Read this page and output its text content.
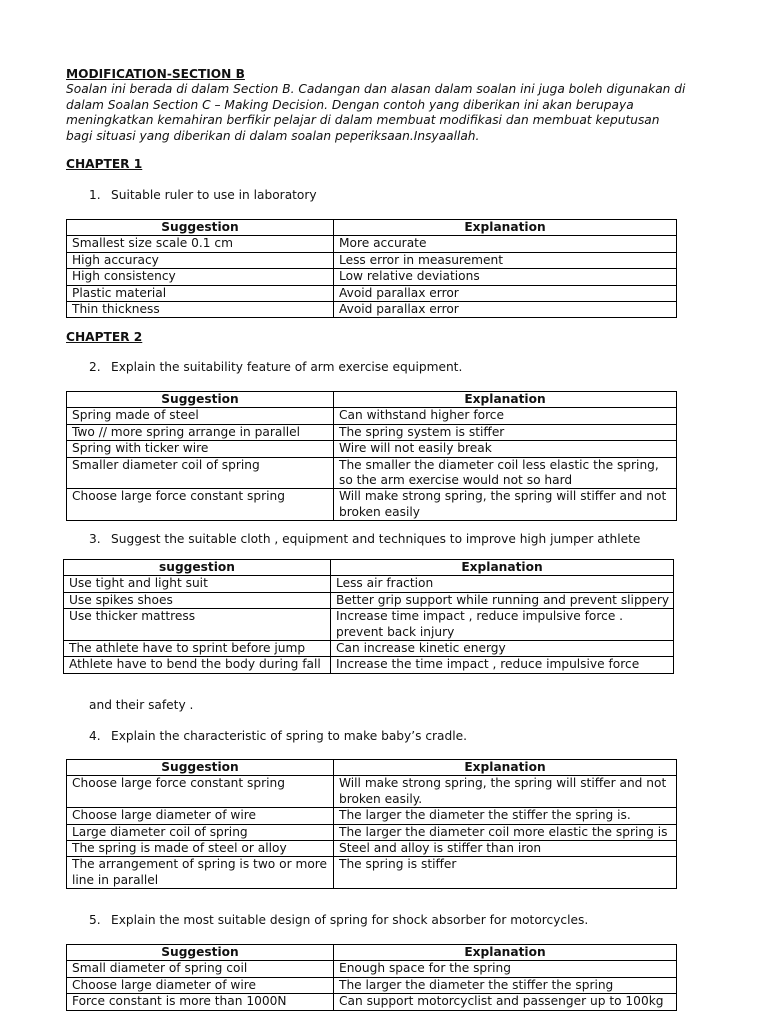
MODIFICATION-SECTION B
Soalan ini berada di dalam Section B. Cadangan dan alasan dalam soalan ini juga boleh digunakan di dalam Soalan Section C – Making Decision. Dengan contoh yang diberikan ini akan berupaya meningkatkan kemahiran berfikir pelajar di dalam membuat modifikasi dan membuat keputusan bagi situasi yang diberikan di dalam soalan peperiksaan.Insyaallah.
CHAPTER 1
1. Suitable ruler to use in laboratory
Suggestion	Explanation
Smallest size scale 0.1 cm	More accurate
High accuracy	Less error in measurement
High consistency	Low relative deviations
Plastic material	Avoid parallax error
Thin thickness	Avoid parallax error
CHAPTER 2
2. Explain the suitability feature of arm exercise equipment.
Suggestion	Explanation
Spring made of steel	Can withstand higher force
Two // more spring arrange in parallel	The spring system is stiffer
Spring with ticker wire	Wire will not easily break
Smaller diameter coil of spring	The smaller the diameter coil less elastic the spring, so the arm exercise would not so hard
Choose large force constant spring	Will make strong spring, the spring will stiffer and not broken easily
3. Suggest the suitable cloth , equipment and techniques to improve high jumper athlete
suggestion	Explanation
Use tight and light suit	Less air fraction
Use spikes shoes	Better grip support while running and prevent slippery
Use thicker mattress	Increase time impact , reduce impulsive force . prevent back injury
The athlete have to sprint before jump	Can increase kinetic energy
Athlete have to bend the body during fall	Increase the time impact , reduce impulsive force
and their safety .
4. Explain the characteristic of spring to make baby’s cradle.
Suggestion	Explanation
Choose large force constant spring	Will make strong spring, the spring will stiffer and not broken easily.
Choose large diameter of wire	The larger the diameter the stiffer the spring is.
Large diameter coil of spring	The larger the diameter coil more elastic the spring is
The spring is made of steel or alloy	Steel and alloy is stiffer than iron
The arrangement of spring is two or more line in parallel	The spring is stiffer
5. Explain the most suitable design of spring for shock absorber for motorcycles.
Suggestion	Explanation
Small diameter of spring coil	Enough space for the spring
Choose large diameter of wire	The larger the diameter the stiffer the spring
Force constant is more than 1000N	Can support motorcyclist and passenger up to 100kg
